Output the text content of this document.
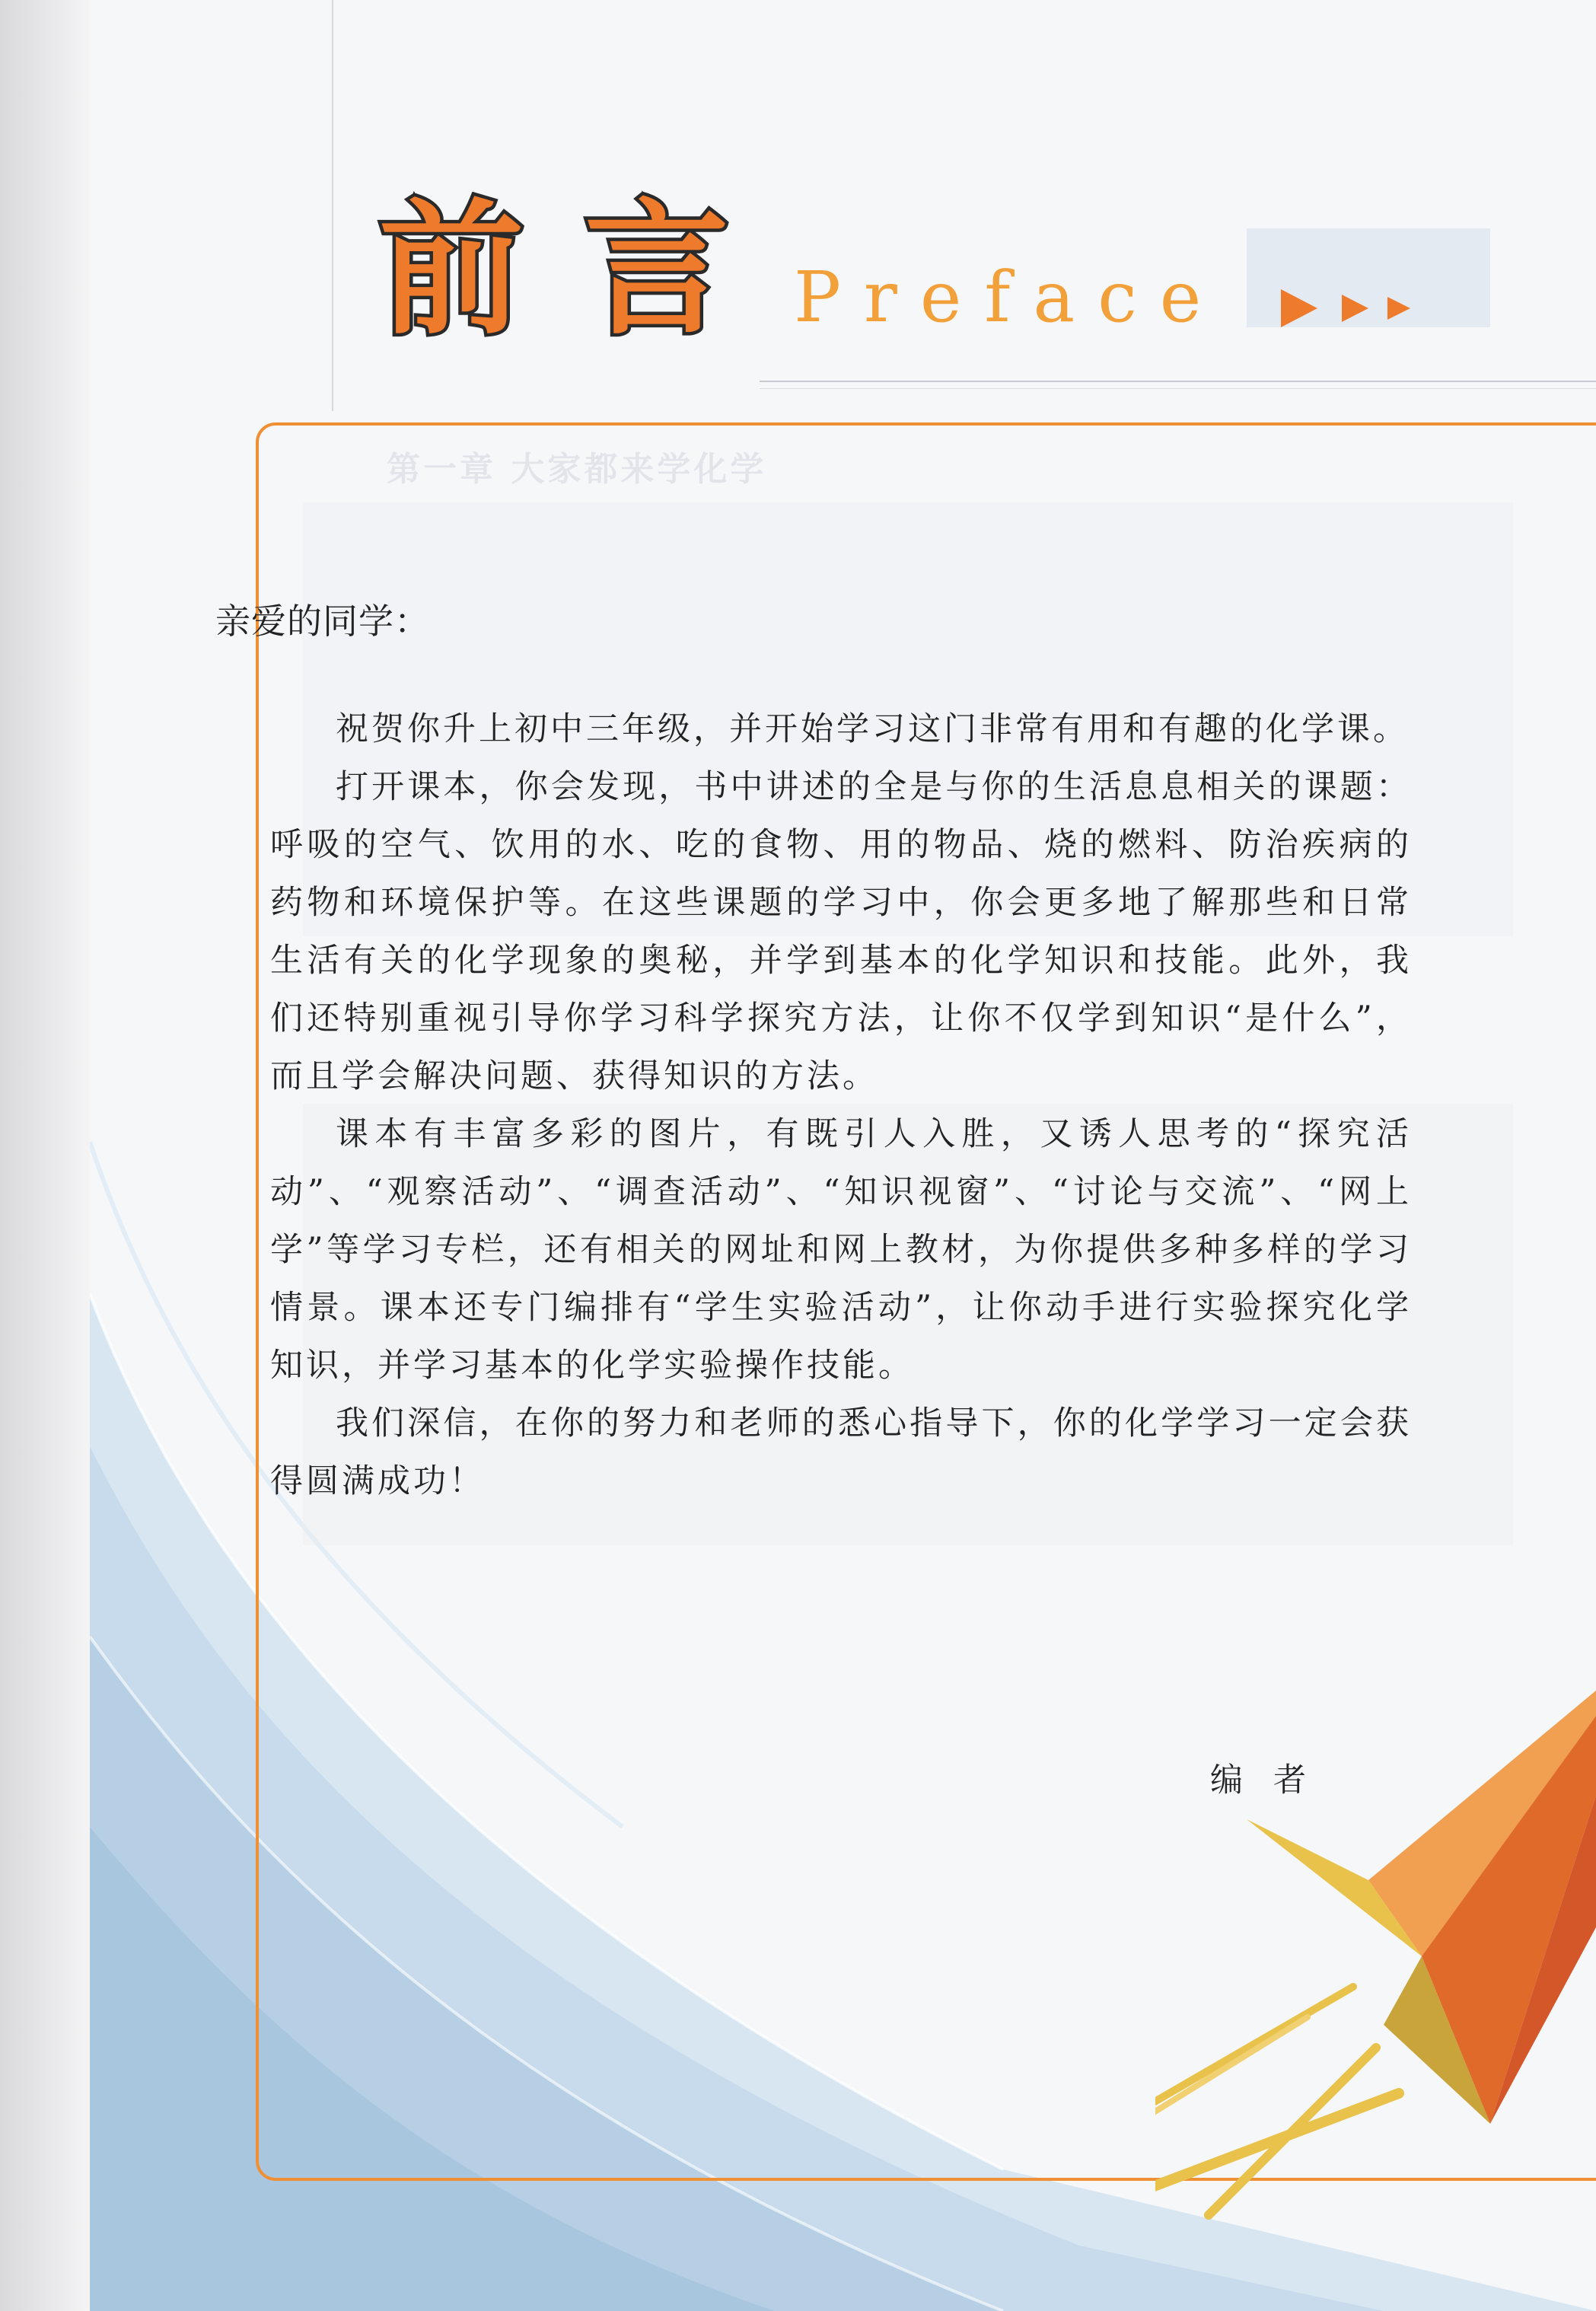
第一章 大家都来学化学
前 言 Preface

亲爱的同学：

祝贺你升上初中三年级，并开始学习这门非常有用和有趣的化学课。

打开课本，你会发现，书中讲述的全是与你的生活息息相关的课题：呼吸的空气、饮用的水、吃的食物、用的物品、烧的燃料、防治疾病的药物和环境保护等。在这些课题的学习中，你会更多地了解那些和日常生活有关的化学现象的奥秘，并学到基本的化学知识和技能。此外，我们还特别重视引导你学习科学探究方法，让你不仅学到知识“是什么”，而且学会解决问题、获得知识的方法。

课本有丰富多彩的图片，有既引人入胜，又诱人思考的“探究活动”、“观察活动”、“调查活动”、“知识视窗”、“讨论与交流”、“网上学”等学习专栏，还有相关的网址和网上教材，为你提供多种多样的学习情景。课本还专门编排有“学生实验活动”，让你动手进行实验探究化学知识，并学习基本的化学实验操作技能。

我们深信，在你的努力和老师的悉心指导下，你的化学学习一定会获得圆满成功！

编者
